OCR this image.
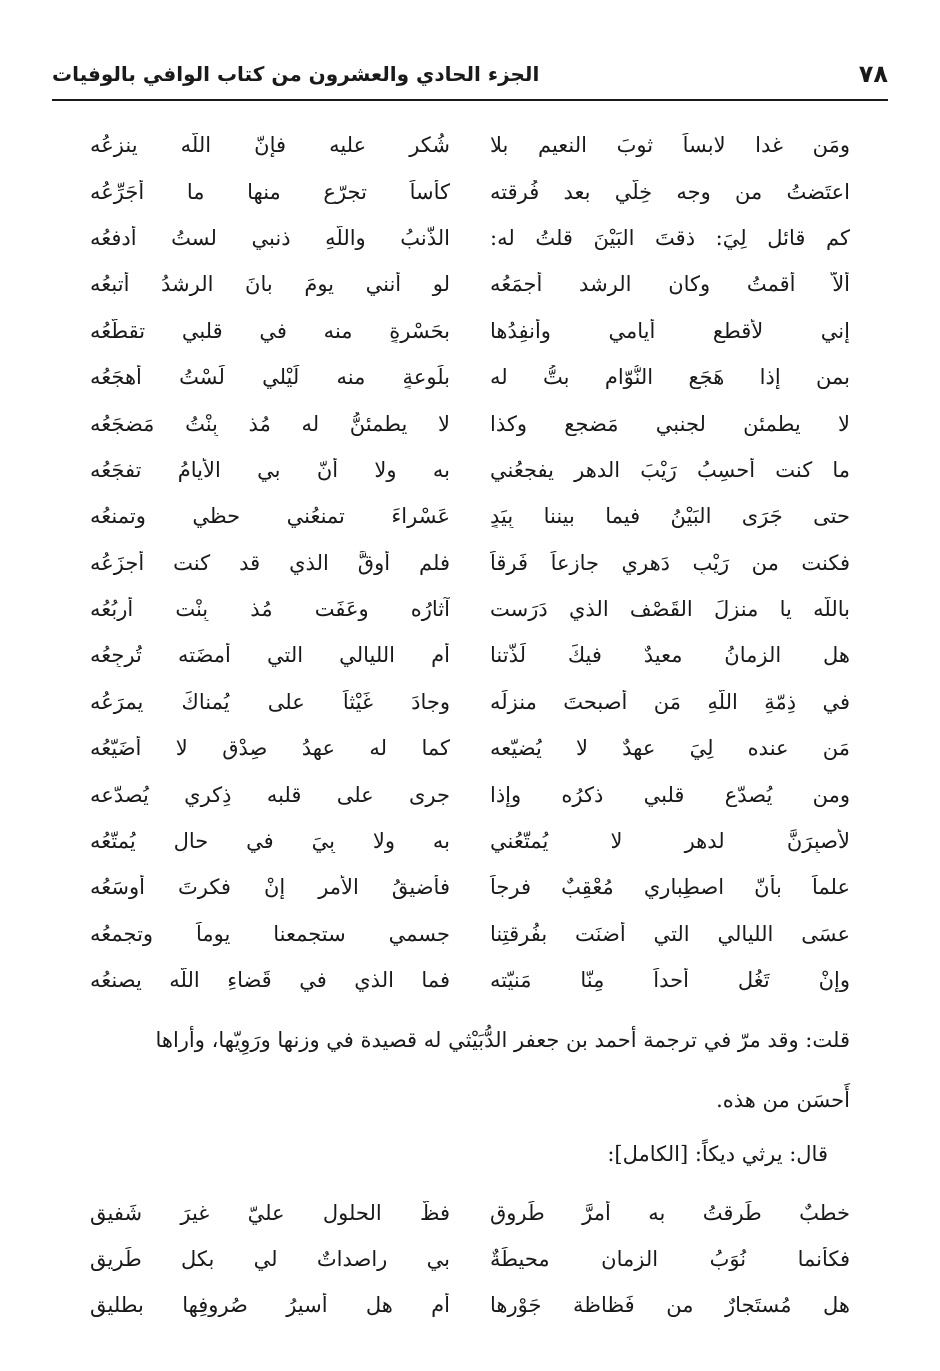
٧٨
الجزء الحادي والعشرون من كتاب الوافي بالوفيات
ومَن غدا لابساً ثوبَ النعيم بلا
شُكرٍ عليه فإنّ اللّه ينزعُه
اعتَضتُ من وجه خِلّي بعد فُرقته
كأساً تجرّع منها ما أُجَرِّعُه
كم قائلٍ لِيَ: ذقتَ البَيْنَ قلتُ له:
الذّنبُ واللّهِ ذنبي لستُ أدفعُه
ألاّ أقمتُ وكان الرشد أجمَعُه
لو أنني يومَ بانَ الرشدُ أتبعُه
إني لأقطع أيامي وأُنفِدُها
بحَسْرةٍ منه في قلبي تقطّعُه
بمن إذا هَجَع النُّوّام بتُّ له
بلَوعةٍ منه لَيْلي لَسْتُ أهجَعُه
لا يطمئن لجنبي مَضجع وكذا
لا يطمئنُّ له مُذ بِنْتُ مَضجَعُه
ما كنت أحسِبُ رَيْبَ الدهر يفجعُني
به ولا أنّ بي الأيامُ تفجَعُه
حتى جَرَى البَيْنُ فيما بيننا بِيَدٍ
عَسْراءَ تمنعُني حظي وتمنعُه
فكنت من رَيْبِ دَهري جازعاً فَرِقاً
فلم أوقَّ الذي قد كنت أجزَعُه
باللّه يا منزلَ القَصْف الذي دَرَست
آثارُه وعَفَت مُذ بِنْت أربُعُه
هل الزمانُ معيدٌ فيكَ لَذّتنا
أم الليالي التي أمضَته تُرجِعُه
في ذِمّةِ اللّهِ مَن أصبحتَ منزلَه
وجادَ غَيْثاً على يُمناكَ يمرَعُه
مَن عنده لِيَ عهدٌ لا يُضيّعه
كما له عهدُ صِدْقٍ لا أُضَيّعُه
ومن يُصدّع قلبي ذكرُه وإذا
جرى على قلبه ذِكري يُصدّعه
لأَصبِرَنَّ لدهرٍ لا يُمتّعُني
به ولا بِيَ في حالٍ يُمتّعُه
علماً بأنّ اصطِباري مُعْقِبٌ فرجاً
فأضيقُ الأمرِ إنْ فكرتَ أوسَعُه
عسَى الليالي التي أضنَت بفُرقتِنا
جسمي ستجمعنا يوماً وتجمعُه
وإنْ تَغُل أحداً مِنّا مَنيّته
فما الذي في قَضاءِ اللّه يصنعُه
قلت: وقد مرّ في ترجمة أحمد بن جعفر الدُّبَيْثي له قصيدة في وزنها ورَوِيّها، وأراها
أَحسَن من هذه.
قال: يرثي ديكاً: [الكامل]:
خطبٌ طَرقتُ به أمرَّ طَروقِ
فظّ الحلولِ عليّ غيرَ شَفيقِ
فكأنما نُوَبُ الزمانِ محيطَةٌ
بي راصداتٌ لي بكل طَريقِ
هل مُستَجارٌ من فَظاظة جَوْرها
أم هل أسيرُ صُروفِها بطليقِ
